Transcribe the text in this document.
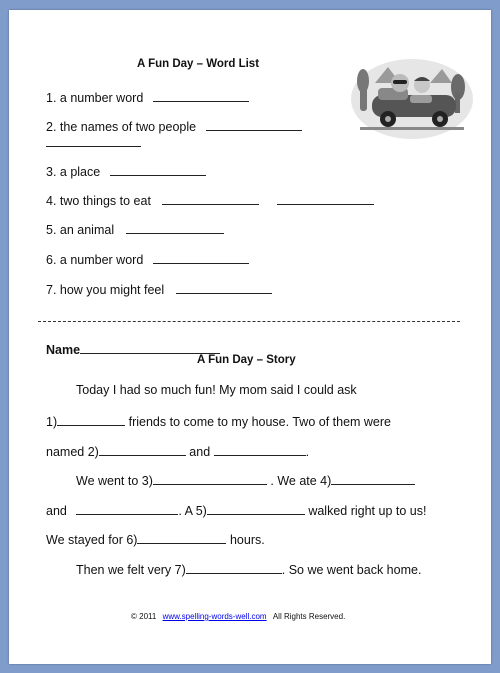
A Fun Day – Word List
1. a number word
2. the names of two people
3. a place
4. two things to eat
5. an animal
6. a number word
7. how you might feel
Name
A Fun Day – Story
Today I had so much fun! My mom said I could ask
1)	friends to come to my house. Two of them were
named 2)	and	.
We went to 3)	. We ate 4)
and	. A 5)	walked right up to us!
We stayed for 6)	hours.
Then we felt very 7)	. So we went back home.
© 2011 www.spelling-words-well.com All Rights Reserved.
